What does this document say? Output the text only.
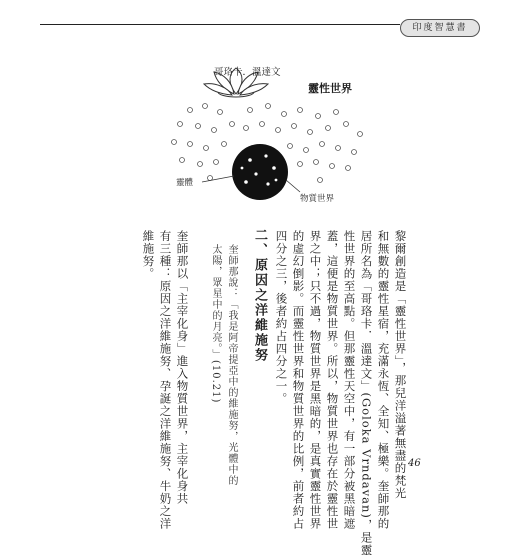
印度智慧書
哥珞卡．溫達文
靈性世界
靈體
物質世界
黎爾創造是「靈性世界」，那兒洋溢著無盡的梵光
和無數的靈性星宿，充滿永恆、全知、極樂。奎師那的
居所名為「哥珞卡．溫達文」(Goloka Vrndavan)，是靈
性世界的至高點。但那靈性天空中，有一部分被黑暗遮
蓋，這便是物質世界。所以，物質世界也存在於靈性世
界之中；只不過，物質世界是黑暗的，是真實靈性世界
的虛幻倒影。而靈性世界和物質世界的比例，前者約占
四分之三，後者約占四分之一。
二、原因之洋維施努
奎師那說：「我是阿帝提亞中的維施努，光體中的
太陽，眾星中的月亮。」(10.21)
奎師那以「主宰化身」進入物質世界，主宰化身共
有三種：原因之洋維施努、孕誕之洋維施努、牛奶之洋
維施努。
46
